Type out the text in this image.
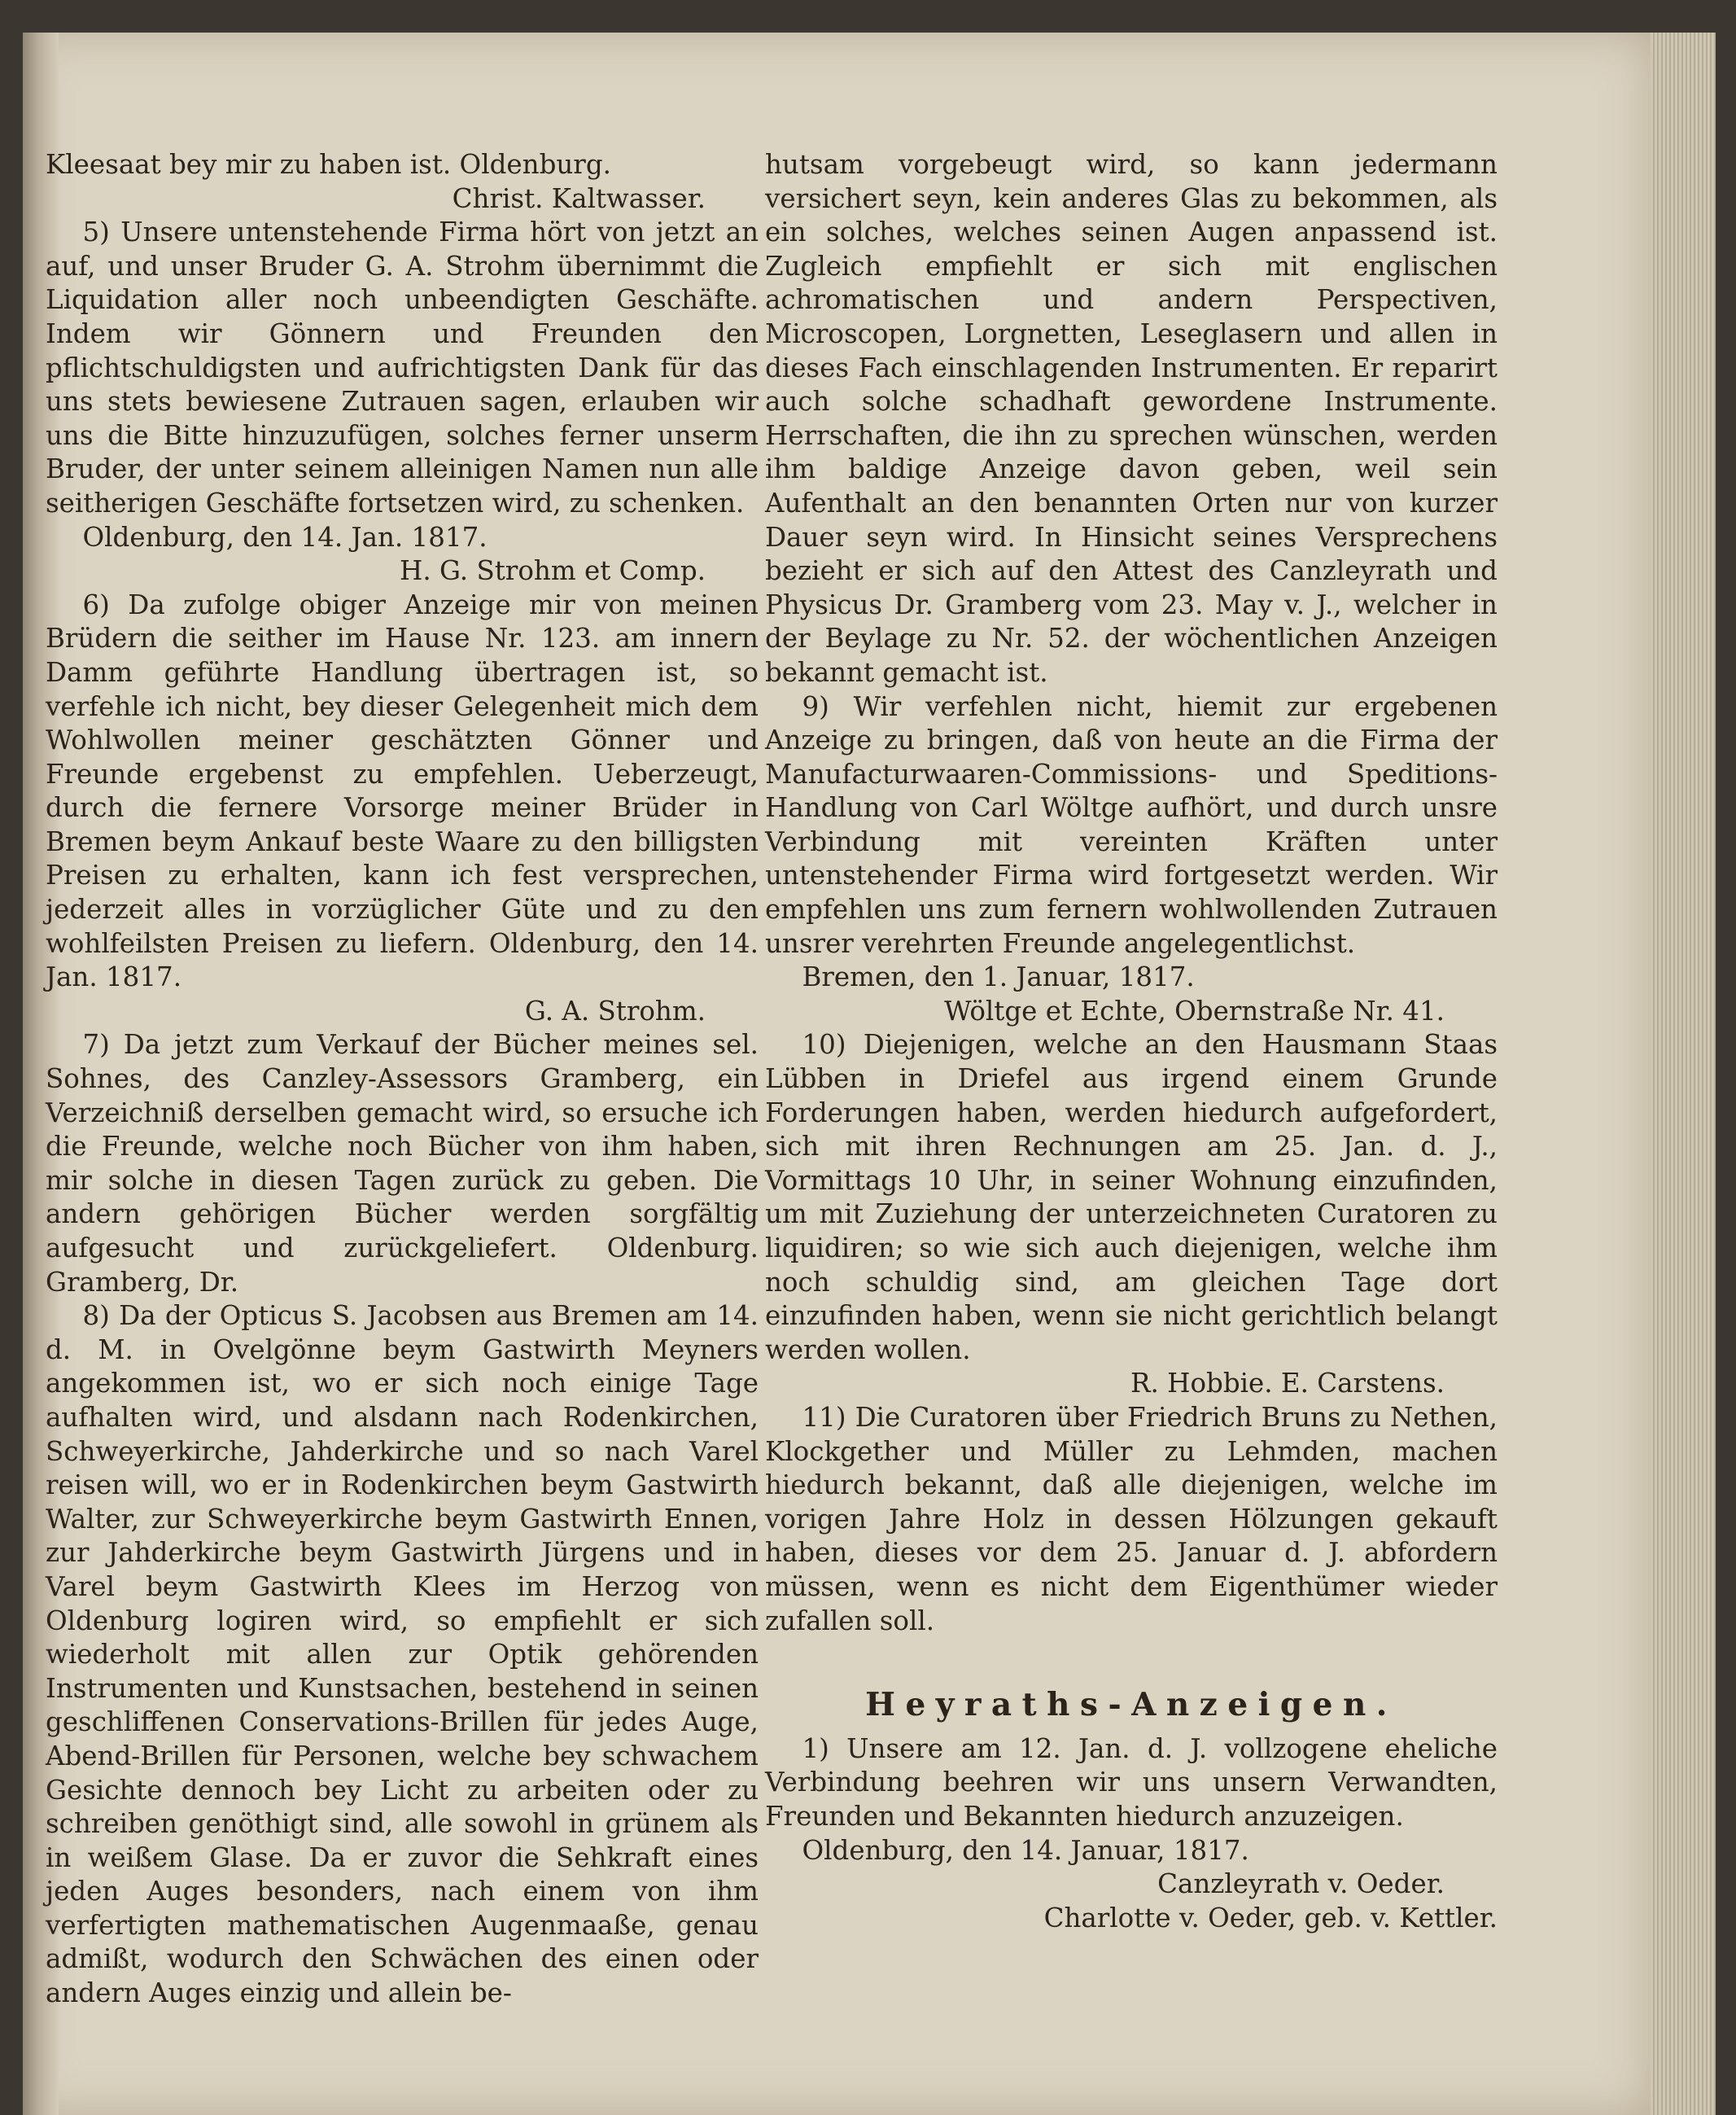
Kleesaat bey mir zu haben ist. Oldenburg.

Christ. Kaltwasser.

5) Unsere untenstehende Firma hört von jetzt an auf, und unser Bruder G. A. Strohm übernimmt die Liquidation aller noch unbeendigten Geschäfte. Indem wir Gönnern und Freunden den pflichtschuldigsten und aufrichtigsten Dank für das uns stets bewiesene Zutrauen sagen, erlauben wir uns die Bitte hinzuzufügen, solches ferner unserm Bruder, der unter seinem alleinigen Namen nun alle seitherigen Geschäfte fortsetzen wird, zu schenken.

Oldenburg, den 14. Jan. 1817.

H. G. Strohm et Comp.

6) Da zufolge obiger Anzeige mir von meinen Brüdern die seither im Hause Nr. 123. am innern Damm geführte Handlung übertragen ist, so verfehle ich nicht, bey dieser Gelegenheit mich dem Wohlwollen meiner geschätzten Gönner und Freunde ergebenst zu empfehlen. Ueberzeugt, durch die fernere Vorsorge meiner Brüder in Bremen beym Ankauf beste Waare zu den billigsten Preisen zu erhalten, kann ich fest versprechen, jederzeit alles in vorzüglicher Güte und zu den wohlfeilsten Preisen zu liefern. Oldenburg, den 14. Jan. 1817.

G. A. Strohm.

7) Da jetzt zum Verkauf der Bücher meines sel. Sohnes, des Canzley-Assessors Gramberg, ein Verzeichniß derselben gemacht wird, so ersuche ich die Freunde, welche noch Bücher von ihm haben, mir solche in diesen Tagen zurück zu geben. Die andern gehörigen Bücher werden sorgfältig aufgesucht und zurückgeliefert. Oldenburg. Gramberg, Dr.

8) Da der Opticus S. Jacobsen aus Bremen am 14. d. M. in Ovelgönne beym Gastwirth Meyners angekommen ist, wo er sich noch einige Tage aufhalten wird, und alsdann nach Rodenkirchen, Schweyerkirche, Jahderkirche und so nach Varel reisen will, wo er in Rodenkirchen beym Gastwirth Walter, zur Schweyerkirche beym Gastwirth Ennen, zur Jahderkirche beym Gastwirth Jürgens und in Varel beym Gastwirth Klees im Herzog von Oldenburg logiren wird, so empfiehlt er sich wiederholt mit allen zur Optik gehörenden Instrumenten und Kunstsachen, bestehend in seinen geschliffenen Conservations-Brillen für jedes Auge, Abend-Brillen für Personen, welche bey schwachem Gesichte dennoch bey Licht zu arbeiten oder zu schreiben genöthigt sind, alle sowohl in grünem als in weißem Glase. Da er zuvor die Sehkraft eines jeden Auges besonders, nach einem von ihm verfertigten mathematischen Augenmaaße, genau admißt, wodurch den Schwächen des einen oder andern Auges einzig und allein be-

hutsam vorgebeugt wird, so kann jedermann versichert seyn, kein anderes Glas zu bekommen, als ein solches, welches seinen Augen anpassend ist. Zugleich empfiehlt er sich mit englischen achromatischen und andern Perspectiven, Microscopen, Lorgnetten, Leseglasern und allen in dieses Fach einschlagenden Instrumenten. Er reparirt auch solche schadhaft gewordene Instrumente. Herrschaften, die ihn zu sprechen wünschen, werden ihm baldige Anzeige davon geben, weil sein Aufenthalt an den benannten Orten nur von kurzer Dauer seyn wird. In Hinsicht seines Versprechens bezieht er sich auf den Attest des Canzleyrath und Physicus Dr. Gramberg vom 23. May v. J., welcher in der Beylage zu Nr. 52. der wöchentlichen Anzeigen bekannt gemacht ist.

9) Wir verfehlen nicht, hiemit zur ergebenen Anzeige zu bringen, daß von heute an die Firma der Manufacturwaaren-Commissions- und Speditions-Handlung von Carl Wöltge aufhört, und durch unsre Verbindung mit vereinten Kräften unter untenstehender Firma wird fortgesetzt werden. Wir empfehlen uns zum fernern wohlwollenden Zutrauen unsrer verehrten Freunde angelegentlichst.

Bremen, den 1. Januar, 1817.

Wöltge et Echte, Obernstraße Nr. 41.

10) Diejenigen, welche an den Hausmann Staas Lübben in Driefel aus irgend einem Grunde Forderungen haben, werden hiedurch aufgefordert, sich mit ihren Rechnungen am 25. Jan. d. J., Vormittags 10 Uhr, in seiner Wohnung einzufinden, um mit Zuziehung der unterzeichneten Curatoren zu liquidiren; so wie sich auch diejenigen, welche ihm noch schuldig sind, am gleichen Tage dort einzufinden haben, wenn sie nicht gerichtlich belangt werden wollen.

R. Hobbie. E. Carstens.

11) Die Curatoren über Friedrich Bruns zu Nethen, Klockgether und Müller zu Lehmden, machen hiedurch bekannt, daß alle diejenigen, welche im vorigen Jahre Holz in dessen Hölzungen gekauft haben, dieses vor dem 25. Januar d. J. abfordern müssen, wenn es nicht dem Eigenthümer wieder zufallen soll.

Heyraths-Anzeigen.

1) Unsere am 12. Jan. d. J. vollzogene eheliche Verbindung beehren wir uns unsern Verwandten, Freunden und Bekannten hiedurch anzuzeigen.

Oldenburg, den 14. Januar, 1817.

Canzleyrath v. Oeder.

Charlotte v. Oeder, geb. v. Kettler.
